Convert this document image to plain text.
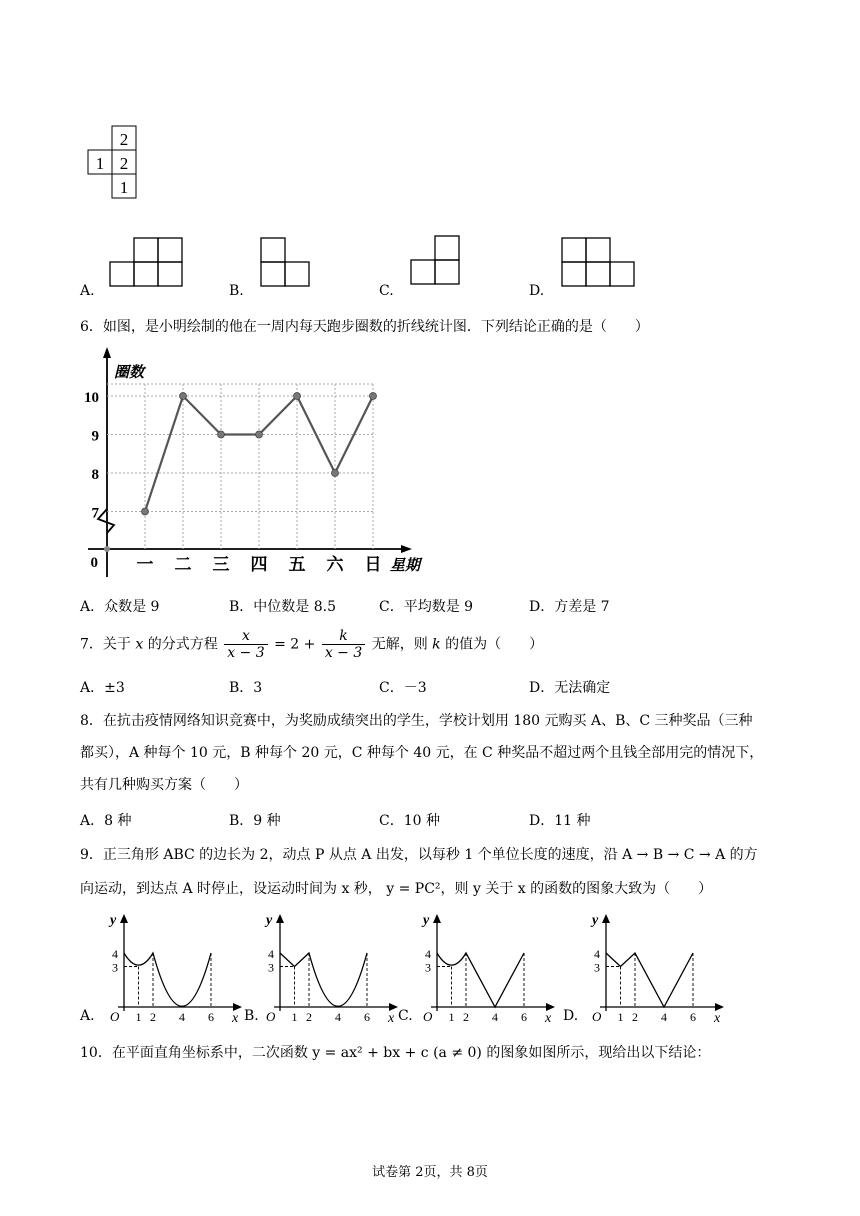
2
1 2
1
A.	B.	C.	D.
6．如图，是小明绘制的他在一周内每天跑步圈数的折线统计图．下列结论正确的是（　　）
圈数
星期
一 二 三 四 五 六 日
10
9
8
7
0
A．众数是 9	B．中位数是 8.5	C．平均数是 9	D．方差是 7
7．关于 x 的分式方程 $\frac{x}{x - 3} = 2 + \frac{k}{x - 3}$ 无解，则 k 的值为（　　）
A．±3	B．3	C．－3	D．无法确定
8．在抗击疫情网络知识竞赛中，为奖励成绩突出的学生，学校计划用 180 元购买 A、B、C 三种奖品（三种
都买），A 种每个 10 元，B 种每个 20 元，C 种每个 40 元，在 C 种奖品不超过两个且钱全部用完的情况下，
共有几种购买方案（　　）
A．8 种	B．9 种	C．10 种	D．11 种
9．正三角形 ABC 的边长为 2，动点 P 从点 A 出发，以每秒 1 个单位长度的速度，沿 A → B → C → A 的方
向运动，到达点 A 时停止，设运动时间为 x 秒， y = PC²，则 y 关于 x 的函数的图象大致为（　　）
A.
y
x
O
4
3
1 2 4 6 B.
y
x
O
4
3
1 2 4 6 C.
y
x
O
4
3
1 2 4 6	D.
y
x
O
4
3
1 2 4 6
10．在平面直角坐标系中，二次函数 y = ax² + bx + c (a ≠ 0) 的图象如图所示，现给出以下结论：
试卷第 2页，共 8页
